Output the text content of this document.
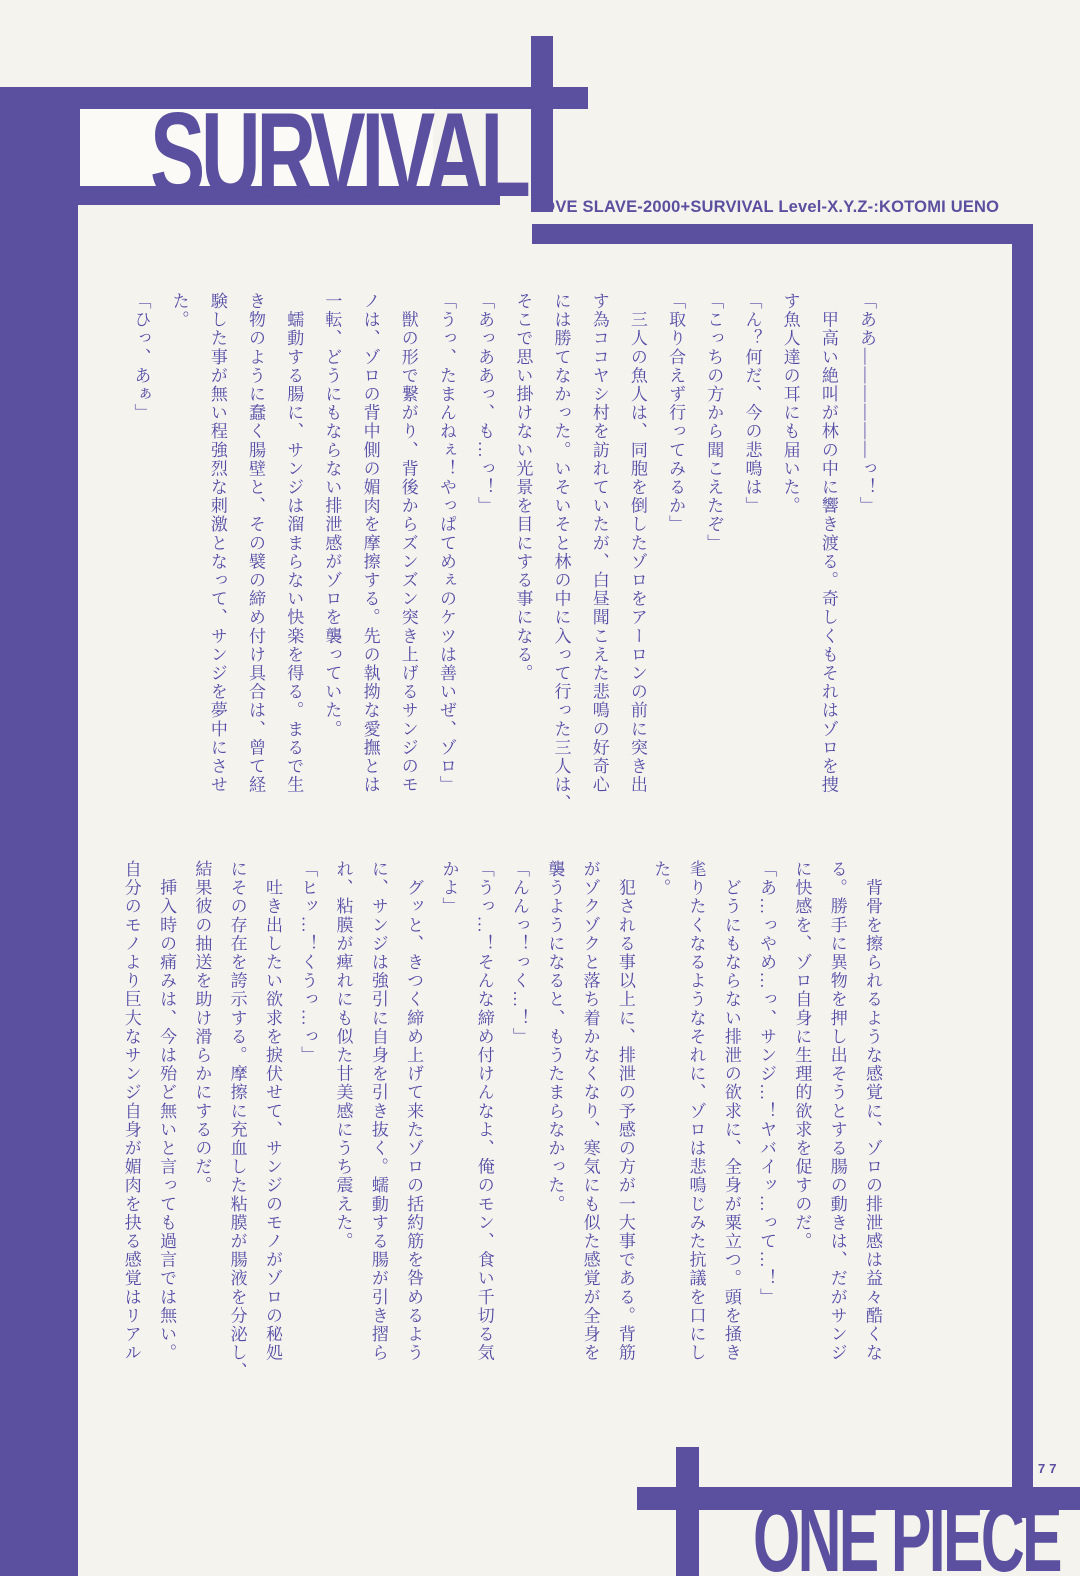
SURVIVAL LOVE SLAVE-2000+SURVIVAL Level-X.Y.Z-:KOTOMI UENO
「ああ――――――っ！」
　甲高い絶叫が林の中に響き渡る。奇しくもそれはゾロを捜
す魚人達の耳にも届いた。
「ん？何だ、今の悲鳴は」
「こっちの方から聞こえたぞ」
「取り合えず行ってみるか」
　三人の魚人は、同胞を倒したゾロをアーロンの前に突き出
す為ココヤシ村を訪れていたが、白昼聞こえた悲鳴の好奇心
には勝てなかった。いそいそと林の中に入って行った三人は、
そこで思い掛けない光景を目にする事になる。
「あっああっ、も…っ！」
「うっ、たまんねぇ！やっぱてめぇのケツは善いぜ、ゾロ」
　獣の形で繋がり、背後からズンズン突き上げるサンジのモ
ノは、ゾロの背中側の媚肉を摩擦する。先の執拗な愛撫とは
一転、どうにもならない排泄感がゾロを襲っていた。
　蠕動する腸に、サンジは溜まらない快楽を得る。まるで生
き物のように蠢く腸壁と、その襞の締め付け具合は、曾て経
験した事が無い程強烈な刺激となって、サンジを夢中にさせ
た。
「ひっ、あぁ」
　背骨を擦られるような感覚に、ゾロの排泄感は益々酷くな
る。勝手に異物を押し出そうとする腸の動きは、だがサンジ
に快感を、ゾロ自身に生理的欲求を促すのだ。
「あ…っやめ…っ、サンジ…！ヤバイッ…って…！」
　どうにもならない排泄の欲求に、全身が粟立つ。頭を掻き
毟りたくなるようなそれに、ゾロは悲鳴じみた抗議を口にし
た。
　犯される事以上に、排泄の予感の方が一大事である。背筋
がゾクゾクと落ち着かなくなり、寒気にも似た感覚が全身を
襲うようになると、もうたまらなかった。
「んんっ！っく…！」
「うっ…！そんな締め付けんなよ、俺のモン、食い千切る気
かよ」
　グッと、きつく締め上げて来たゾロの括約筋を咎めるよう
に、サンジは強引に自身を引き抜く。蠕動する腸が引き摺ら
れ、粘膜が痺れにも似た甘美感にうち震えた。
「ヒッ…！くうっ…っ」
　吐き出したい欲求を捩伏せて、サンジのモノがゾロの秘処
にその存在を誇示する。摩擦に充血した粘膜が腸液を分泌し、
結果彼の抽送を助け滑らかにするのだ。
　挿入時の痛みは、今は殆ど無いと言っても過言では無い。
自分のモノより巨大なサンジ自身が媚肉を抉る感覚はリアル
77
ONE PIECE
